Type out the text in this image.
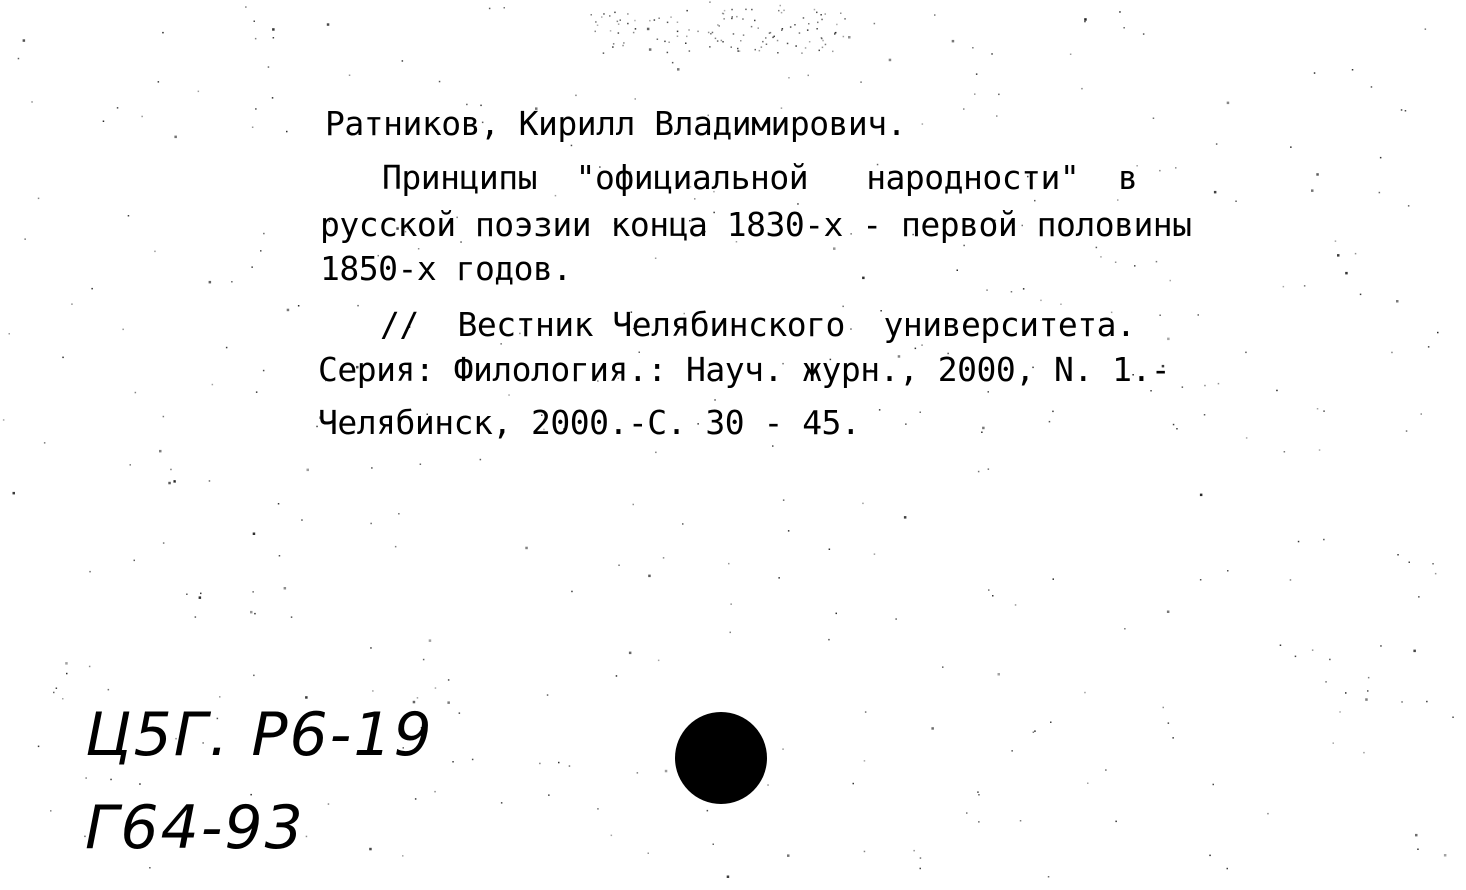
Ратников, Кирилл Владимирович.
Принципы  "официальной   народности"  в
русской поэзии конца 1830-х - первой половины
1850-х годов.
//  Вестник Челябинского  университета.
Серия: Филология.: Науч. журн., 2000, N. 1.-
Челябинск, 2000.-С. 30 - 45.
Ц5Г. Р6-19
Г64-93
